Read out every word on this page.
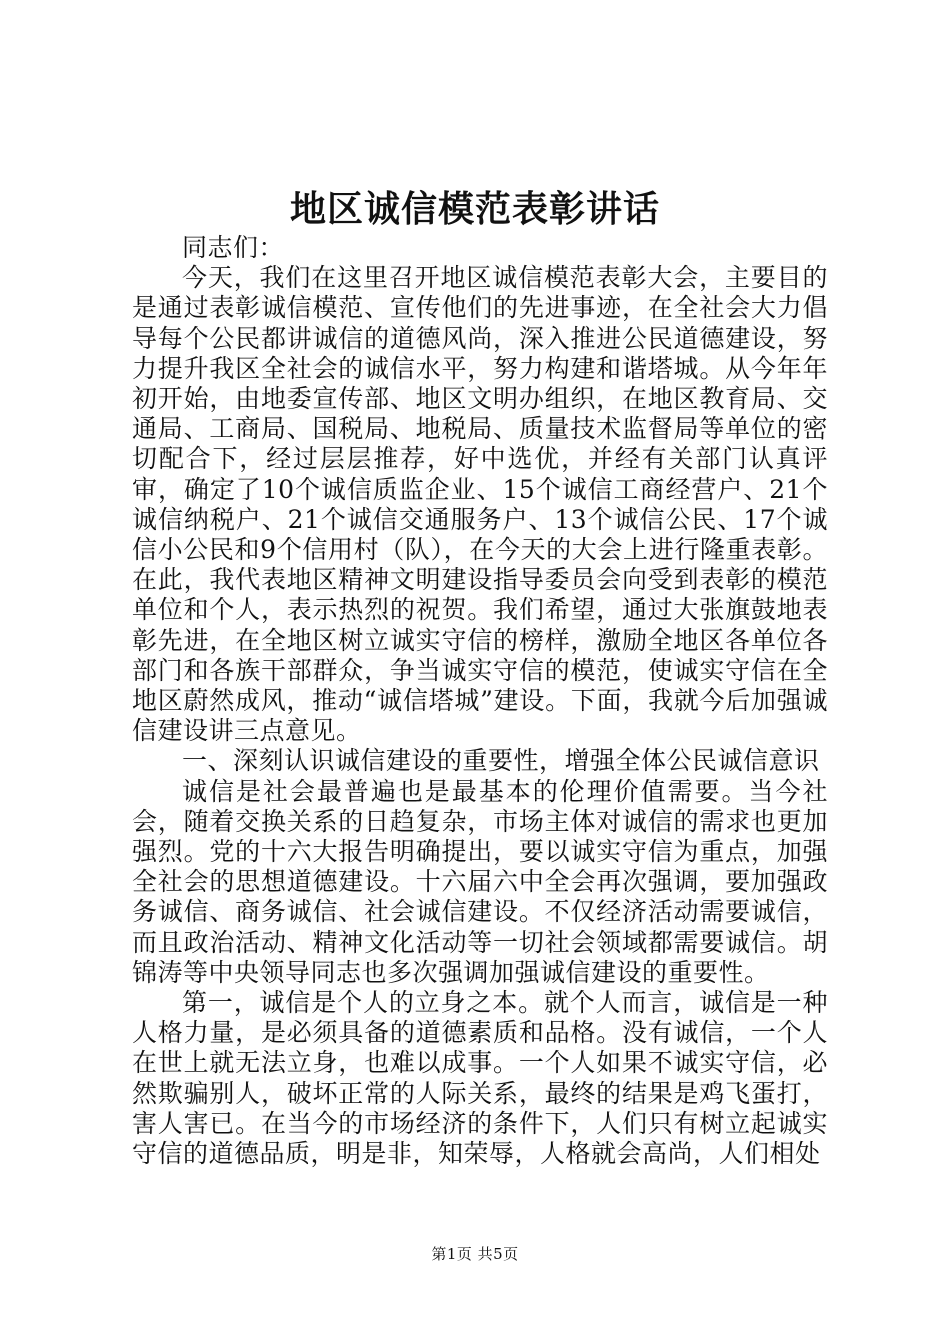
地区诚信模范表彰讲话

同志们：

今天，我们在这里召开地区诚信模范表彰大会，主要目的是通过表彰诚信模范、宣传他们的先进事迹，在全社会大力倡导每个公民都讲诚信的道德风尚，深入推进公民道德建设，努力提升我区全社会的诚信水平，努力构建和谐塔城。从今年年初开始，由地委宣传部、地区文明办组织，在地区教育局、交通局、工商局、国税局、地税局、质量技术监督局等单位的密切配合下，经过层层推荐，好中选优，并经有关部门认真评审，确定了10个诚信质监企业、15个诚信工商经营户、21个诚信纳税户、21个诚信交通服务户、13个诚信公民、17个诚信小公民和9个信用村（队），在今天的大会上进行隆重表彰。在此，我代表地区精神文明建设指导委员会向受到表彰的模范单位和个人，表示热烈的祝贺。我们希望，通过大张旗鼓地表彰先进，在全地区树立诚实守信的榜样，激励全地区各单位各部门和各族干部群众，争当诚实守信的模范，使诚实守信在全地区蔚然成风，推动“诚信塔城”建设。下面，我就今后加强诚信建设讲三点意见。

一、深刻认识诚信建设的重要性，增强全体公民诚信意识

诚信是社会最普遍也是最基本的伦理价值需要。当今社会，随着交换关系的日趋复杂，市场主体对诚信的需求也更加强烈。党的十六大报告明确提出，要以诚实守信为重点，加强全社会的思想道德建设。十六届六中全会再次强调，要加强政务诚信、商务诚信、社会诚信建设。不仅经济活动需要诚信，而且政治活动、精神文化活动等一切社会领域都需要诚信。胡锦涛等中央领导同志也多次强调加强诚信建设的重要性。

第一，诚信是个人的立身之本。就个人而言，诚信是一种人格力量，是必须具备的道德素质和品格。没有诚信，一个人在世上就无法立身，也难以成事。一个人如果不诚实守信，必然欺骗别人，破坏正常的人际关系，最终的结果是鸡飞蛋打，害人害已。在当今的市场经济的条件下，人们只有树立起诚实守信的道德品质，明是非，知荣辱，人格就会高尚，人们相处

第1页 共5页
